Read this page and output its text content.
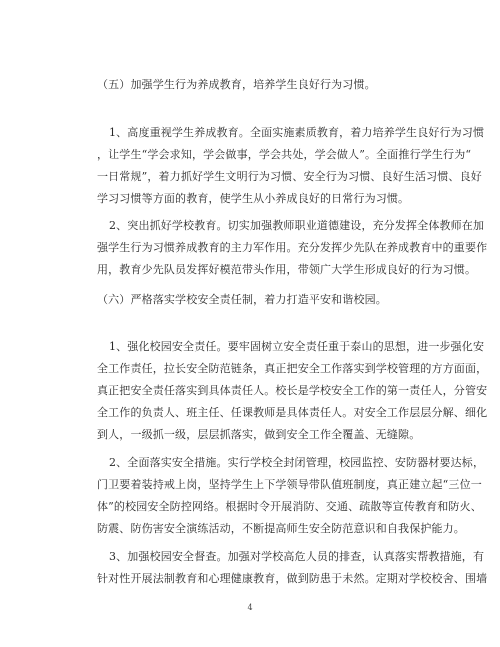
（五）加强学生行为养成教育，培养学生良好行为习惯。

1、高度重视学生养成教育。全面实施素质教育，着力培养学生良好行为习惯
，让学生“学会求知，学会做事，学会共处，学会做人”。全面推行学生行为“
一日常规”，着力抓好学生文明行为习惯、安全行为习惯、良好生活习惯、良好
学习习惯等方面的教育，使学生从小养成良好的日常行为习惯。

2、突出抓好学校教育。切实加强教师职业道德建设，充分发挥全体教师在加
强学生行为习惯养成教育的主力军作用。充分发挥少先队在养成教育中的重要作
用，教育少先队员发挥好模范带头作用，带领广大学生形成良好的行为习惯。

（六）严格落实学校安全责任制，着力打造平安和谐校园。

1、强化校园安全责任。要牢固树立安全责任重于泰山的思想，进一步强化安
全工作责任，拉长安全防范链条，真正把安全工作落实到学校管理的方方面面，
真正把安全责任落实到具体责任人。校长是学校安全工作的第一责任人，分管安
全工作的负责人、班主任、任课教师是具体责任人。对安全工作层层分解、细化
到人，一级抓一级，层层抓落实，做到安全工作全覆盖、无缝隙。

2、全面落实安全措施。实行学校全封闭管理，校园监控、安防器材要达标，
门卫要着装持戒上岗，坚持学生上下学领导带队值班制度，真正建立起“三位一
体”的校园安全防控网络。根据时令开展消防、交通、疏散等宣传教育和防火、
防震、防伤害安全演练活动，不断提高师生安全防范意识和自我保护能力。

3、加强校园安全督查。加强对学校高危人员的排查，认真落实帮教措施，有
针对性开展法制教育和心理健康教育，做到防患于未然。定期对学校校舍、围墙

4
